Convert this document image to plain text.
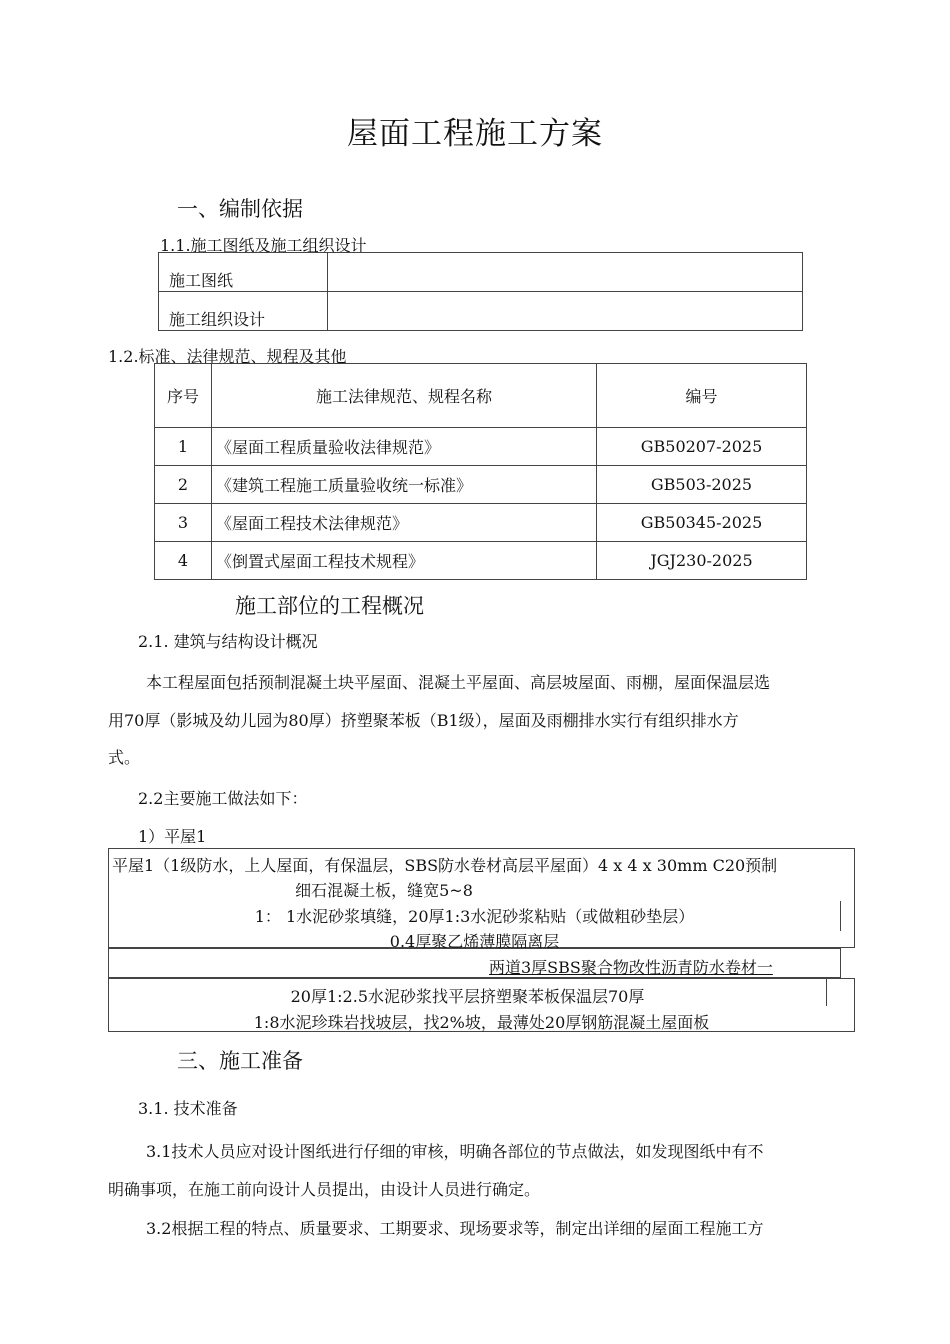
屋面工程施工方案
一、编制依据
1.1.施工图纸及施工组织设计
施工图纸	
施工组织设计	
1.2.标准、法律规范、规程及其他
序号	施工法律规范、规程名称	编号
1	《屋面工程质量验收法律规范》	GB50207-2025
2	《建筑工程施工质量验收统一标准》	GB503-2025
3	《屋面工程技术法律规范》	GB50345-2025
4	《倒置式屋面工程技术规程》	JGJ230-2025
施工部位的工程概况
2.1. 建筑与结构设计概况
本工程屋面包括预制混凝土块平屋面、混凝土平屋面、高层坡屋面、雨棚，屋面保温层选
用70厚（影城及幼儿园为80厚）挤塑聚苯板（B1级），屋面及雨棚排水实行有组织排水方
式。
2.2主要施工做法如下：
1）平屋1
平屋1（1级防水，上人屋面，有保温层，SBS防水卷材高层平屋面）4 x 4 x 30mm C20预制
细石混凝土板，缝宽5~8
1： 1水泥砂浆填缝，20厚1:3水泥砂浆粘贴（或做粗砂垫层）
0.4厚聚乙烯薄膜隔离层
两道3厚SBS聚合物改性沥青防水卷材一
20厚1:2.5水泥砂浆找平层挤塑聚苯板保温层70厚
1:8水泥珍珠岩找坡层，找2%坡，最薄处20厚钢筋混凝土屋面板
三、施工准备
3.1. 技术准备
3.1技术人员应对设计图纸进行仔细的审核，明确各部位的节点做法，如发现图纸中有不
明确事项，在施工前向设计人员提出，由设计人员进行确定。
3.2根据工程的特点、质量要求、工期要求、现场要求等，制定出详细的屋面工程施工方
